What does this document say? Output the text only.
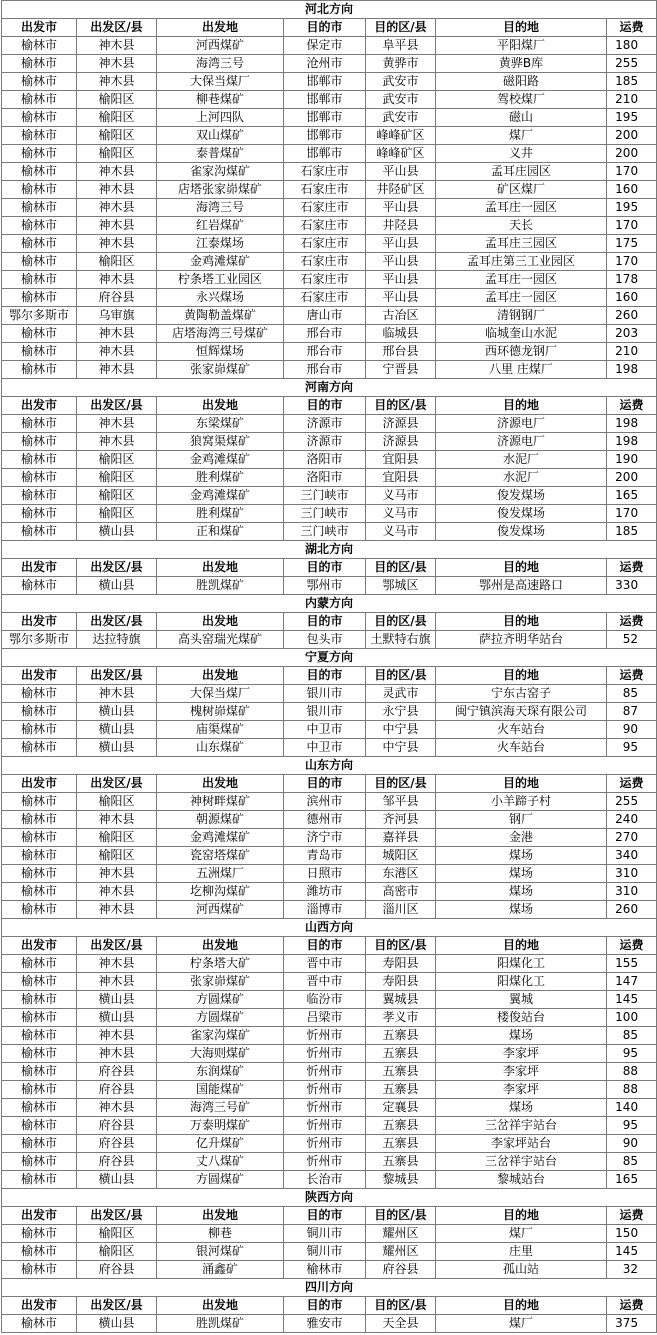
河北方向						
出发市	出发区/县	出发地	目的市	目的区/县	目的地	运费
榆林市	神木县	河西煤矿	保定市	阜平县	平阳煤厂	180
榆林市	神木县	海湾三号	沧州市	黄骅市	黄骅B库	255
榆林市	神木县	大保当煤厂	邯郸市	武安市	磁阳路	185
榆林市	榆阳区	柳巷煤矿	邯郸市	武安市	驾校煤厂	210
榆林市	榆阳区	上河四队	邯郸市	武安市	磁山	195
榆林市	榆阳区	双山煤矿	邯郸市	峰峰矿区	煤厂	200
榆林市	榆阳区	泰普煤矿	邯郸市	峰峰矿区	义井	200
榆林市	神木县	雀家沟煤矿	石家庄市	平山县	孟耳庄园区	170
榆林市	神木县	店塔张家峁煤矿	石家庄市	井陉矿区	矿区煤厂	160
榆林市	神木县	海湾三号	石家庄市	平山县	孟耳庄一园区	195
榆林市	神木县	红岩煤矿	石家庄市	井陉县	天长	170
榆林市	神木县	江泰煤场	石家庄市	平山县	孟耳庄三园区	175
榆林市	榆阳区	金鸡滩煤矿	石家庄市	平山县	孟耳庄第三工业园区	170
榆林市	神木县	柠条塔工业园区	石家庄市	平山县	孟耳庄一园区	178
榆林市	府谷县	永兴煤场	石家庄市	平山县	孟耳庄一园区	160
鄂尔多斯市	乌审旗	黄陶勒盖煤矿	唐山市	古冶区	清钢钢厂	260
榆林市	神木县	店塔海湾三号煤矿	邢台市	临城县	临城奎山水泥	203
榆林市	神木县	恒辉煤场	邢台市	邢台县	西环德龙钢厂	210
榆林市	神木县	张家峁煤矿	邢台市	宁晋县	八里 庄煤厂	198
河南方向						
出发市	出发区/县	出发地	目的市	目的区/县	目的地	运费
榆林市	神木县	东梁煤矿	济源市	济源县	济源电厂	198
榆林市	神木县	狼窝渠煤矿	济源市	济源县	济源电厂	198
榆林市	榆阳区	金鸡滩煤矿	洛阳市	宜阳县	水泥厂	190
榆林市	榆阳区	胜利煤矿	洛阳市	宜阳县	水泥厂	200
榆林市	榆阳区	金鸡滩煤矿	三门峡市	义马市	俊发煤场	165
榆林市	榆阳区	胜利煤矿	三门峡市	义马市	俊发煤场	170
榆林市	横山县	正和煤矿	三门峡市	义马市	俊发煤场	185
湖北方向						
出发市	出发区/县	出发地	目的市	目的区/县	目的地	运费
榆林市	横山县	胜凯煤矿	鄂州市	鄂城区	鄂州是高速路口	330
内蒙方向						
出发市	出发区/县	出发地	目的市	目的区/县	目的地	运费
鄂尔多斯市	达拉特旗	高头窑瑞光煤矿	包头市	土默特右旗	萨拉齐明华站台	52
宁夏方向						
出发市	出发区/县	出发地	目的市	目的区/县	目的地	运费
榆林市	神木县	大保当煤厂	银川市	灵武市	宁东古窑子	85
榆林市	横山县	槐树峁煤矿	银川市	永宁县	闽宁镇滨海天琛有限公司	87
榆林市	横山县	庙渠煤矿	中卫市	中宁县	火车站台	90
榆林市	横山县	山东煤矿	中卫市	中宁县	火车站台	95
山东方向						
出发市	出发区/县	出发地	目的市	目的区/县	目的地	运费
榆林市	榆阳区	神树畔煤矿	滨州市	邹平县	小羊蹄子村	255
榆林市	神木县	朝源煤矿	德州市	齐河县	钢厂	240
榆林市	榆阳区	金鸡滩煤矿	济宁市	嘉祥县	金港	270
榆林市	榆阳区	瓷窑塔煤矿	青岛市	城阳区	煤场	340
榆林市	神木县	五洲煤厂	日照市	东港区	煤场	310
榆林市	神木县	圪柳沟煤矿	潍坊市	高密市	煤场	310
榆林市	神木县	河西煤矿	淄博市	淄川区	煤场	260
山西方向						
出发市	出发区/县	出发地	目的市	目的区/县	目的地	运费
榆林市	神木县	柠条塔大矿	晋中市	寿阳县	阳煤化工	155
榆林市	神木县	张家峁煤矿	晋中市	寿阳县	阳煤化工	147
榆林市	横山县	方圆煤矿	临汾市	翼城县	翼城	145
榆林市	横山县	方圆煤矿	吕梁市	孝义市	楼俊站台	100
榆林市	神木县	雀家沟煤矿	忻州市	五寨县	煤场	85
榆林市	神木县	大海则煤矿	忻州市	五寨县	李家坪	95
榆林市	府谷县	东润煤矿	忻州市	五寨县	李家坪	88
榆林市	府谷县	国能煤矿	忻州市	五寨县	李家坪	88
榆林市	神木县	海湾三号矿	忻州市	定襄县	煤场	140
榆林市	府谷县	万泰明煤矿	忻州市	五寨县	三岔祥宇站台	95
榆林市	府谷县	亿升煤矿	忻州市	五寨县	李家坪站台	90
榆林市	府谷县	丈八煤矿	忻州市	五寨县	三岔祥宇站台	85
榆林市	横山县	方圆煤矿	长治市	黎城县	黎城站台	165
陕西方向						
出发市	出发区/县	出发地	目的市	目的区/县	目的地	运费
榆林市	榆阳区	柳巷	铜川市	耀州区	煤厂	150
榆林市	榆阳区	银河煤矿	铜川市	耀州区	庄里	145
榆林市	府谷县	涌鑫矿	榆林市	府谷县	孤山站	32
四川方向						
出发市	出发区/县	出发地	目的市	目的区/县	目的地	运费
榆林市	横山县	胜凯煤矿	雅安市	天全县	煤厂	375
